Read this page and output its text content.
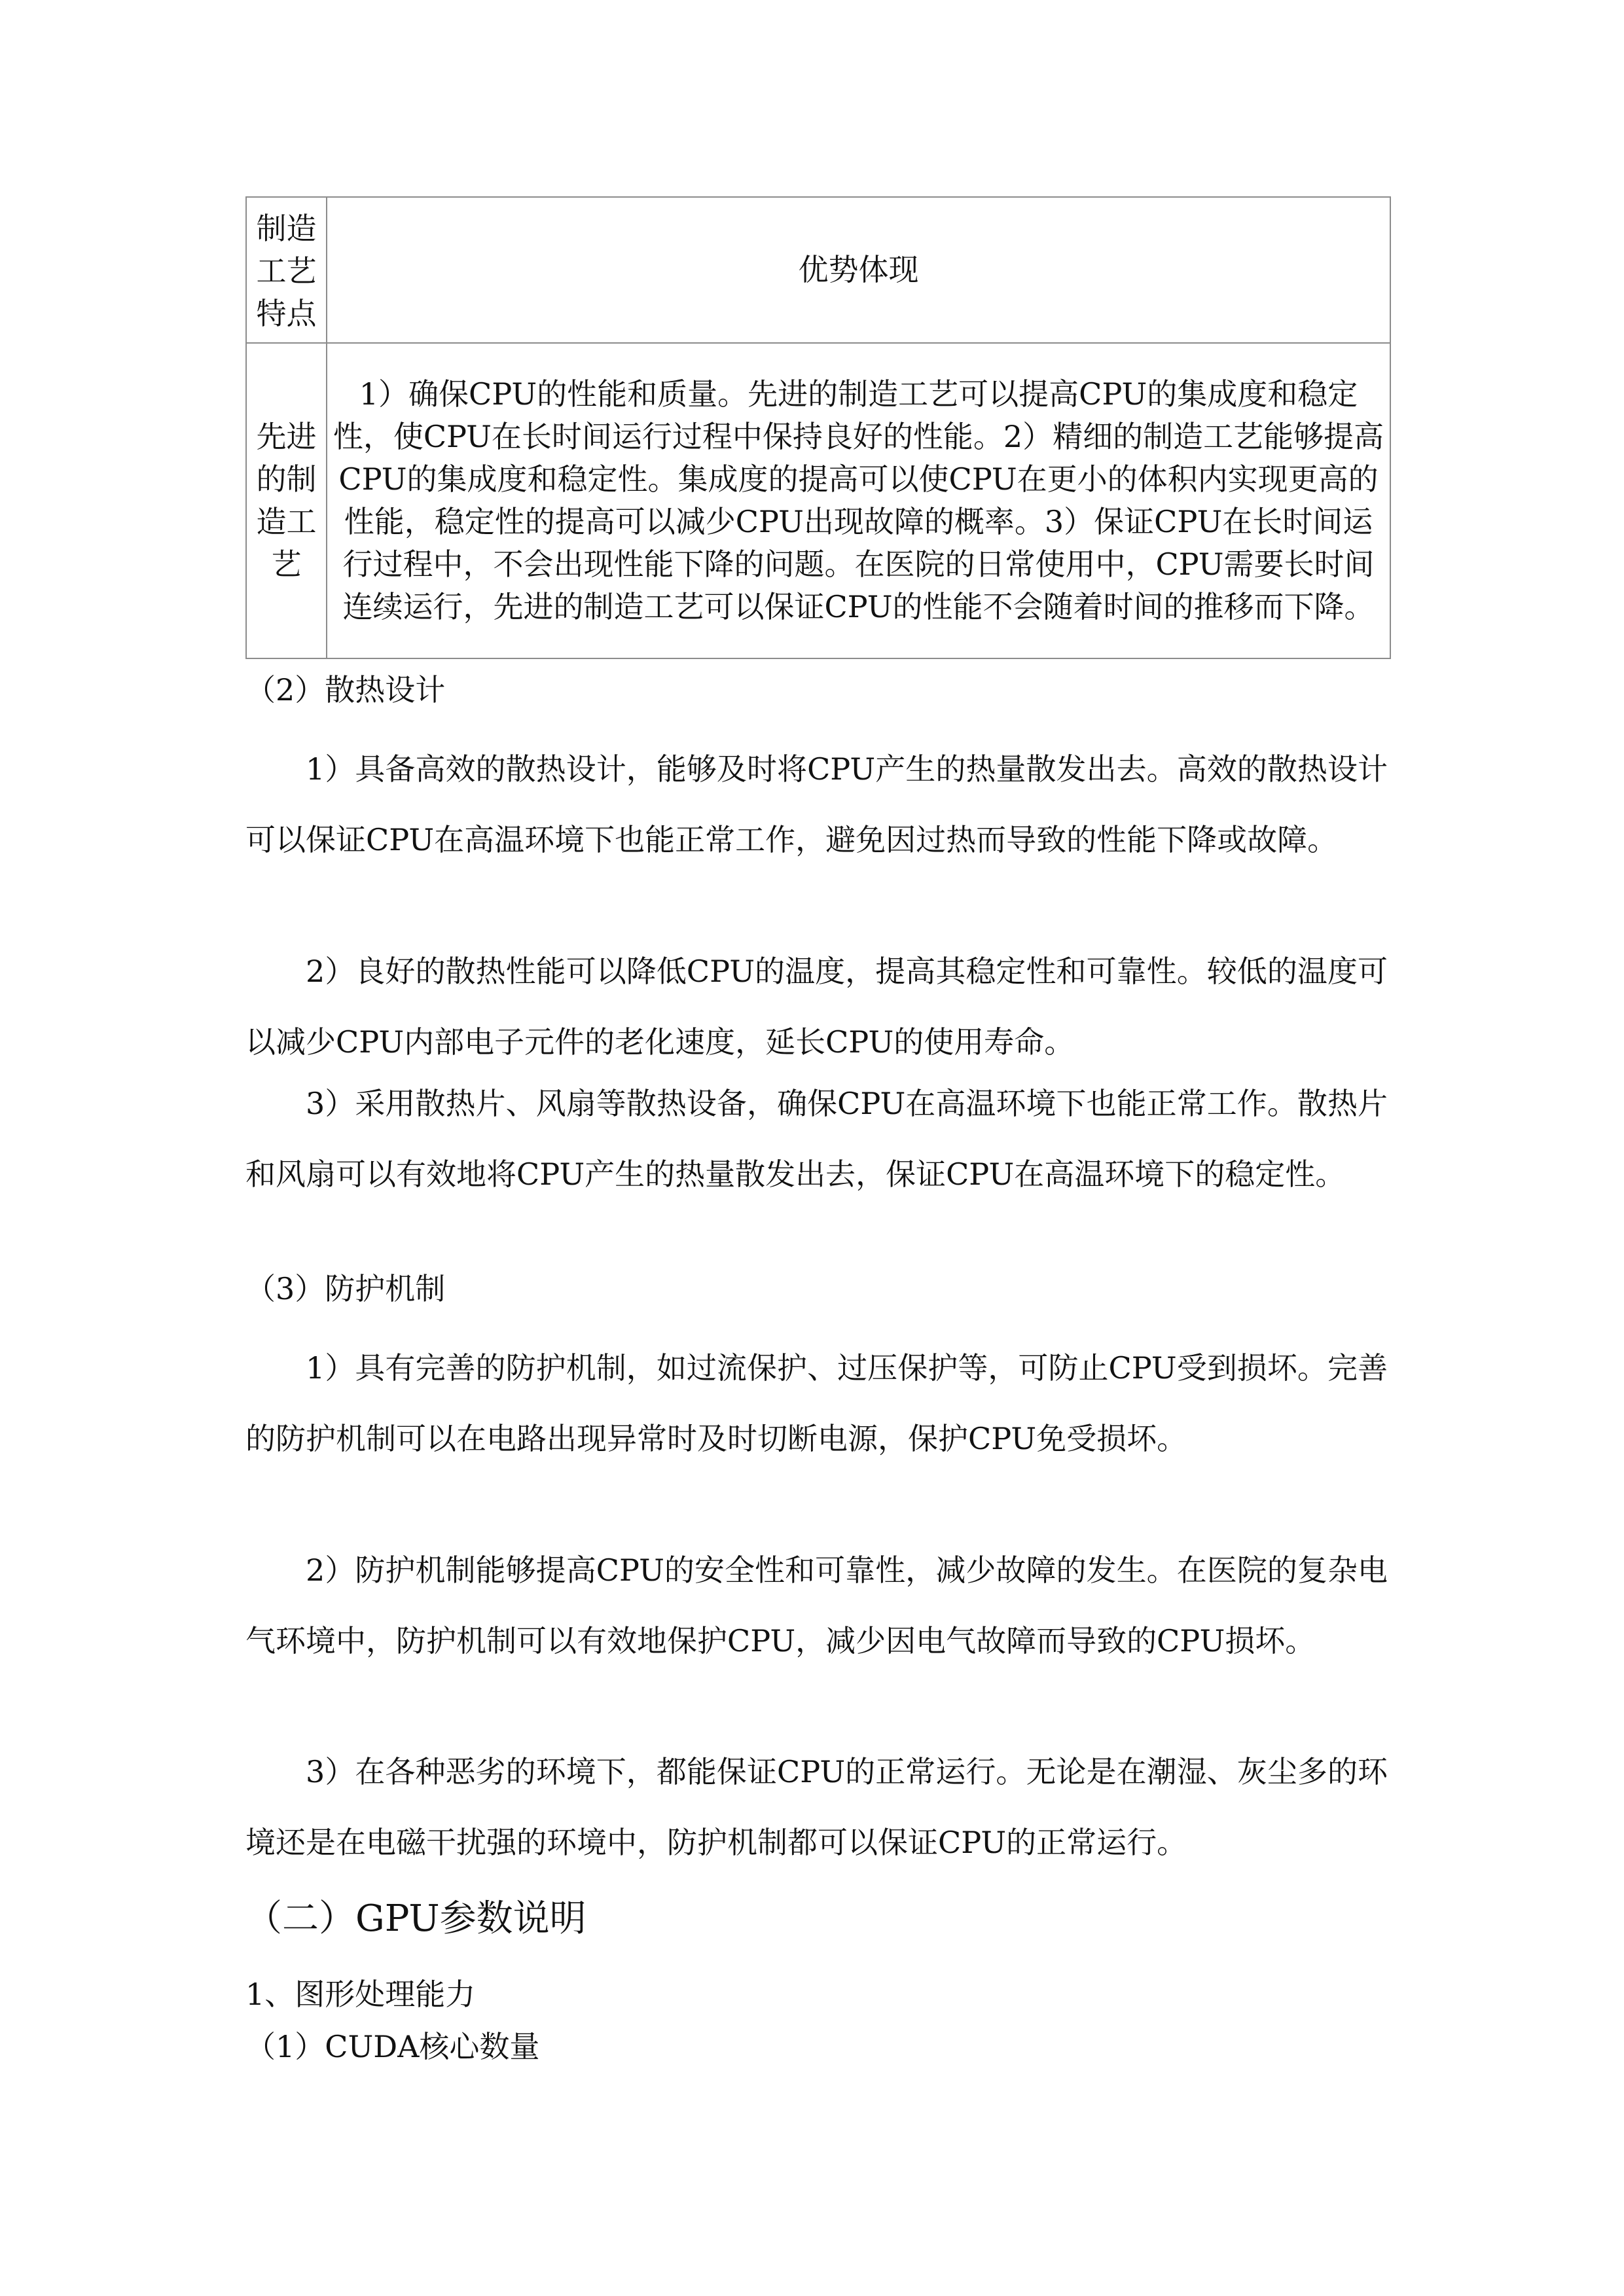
制造工艺特点	优势体现
先进的制造工艺	1）确保CPU的性能和质量。先进的制造工艺可以提高CPU的集成度和稳定性，使CPU在长时间运行过程中保持良好的性能。2）精细的制造工艺能够提高CPU的集成度和稳定性。集成度的提高可以使CPU在更小的体积内实现更高的性能，稳定性的提高可以减少CPU出现故障的概率。3）保证CPU在长时间运行过程中，不会出现性能下降的问题。在医院的日常使用中，CPU需要长时间连续运行，先进的制造工艺可以保证CPU的性能不会随着时间的推移而下降。
（2）散热设计

1）具备高效的散热设计，能够及时将CPU产生的热量散发出去。高效的散热设计可以保证CPU在高温环境下也能正常工作，避免因过热而导致的性能下降或故障。

2）良好的散热性能可以降低CPU的温度，提高其稳定性和可靠性。较低的温度可以减少CPU内部电子元件的老化速度，延长CPU的使用寿命。

3）采用散热片、风扇等散热设备，确保CPU在高温环境下也能正常工作。散热片和风扇可以有效地将CPU产生的热量散发出去，保证CPU在高温环境下的稳定性。

（3）防护机制

1）具有完善的防护机制，如过流保护、过压保护等，可防止CPU受到损坏。完善的防护机制可以在电路出现异常时及时切断电源，保护CPU免受损坏。

2）防护机制能够提高CPU的安全性和可靠性，减少故障的发生。在医院的复杂电气环境中，防护机制可以有效地保护CPU，减少因电气故障而导致的CPU损坏。

3）在各种恶劣的环境下，都能保证CPU的正常运行。无论是在潮湿、灰尘多的环境还是在电磁干扰强的环境中，防护机制都可以保证CPU的正常运行。

（二）GPU参数说明
1、图形处理能力
（1）CUDA核心数量
